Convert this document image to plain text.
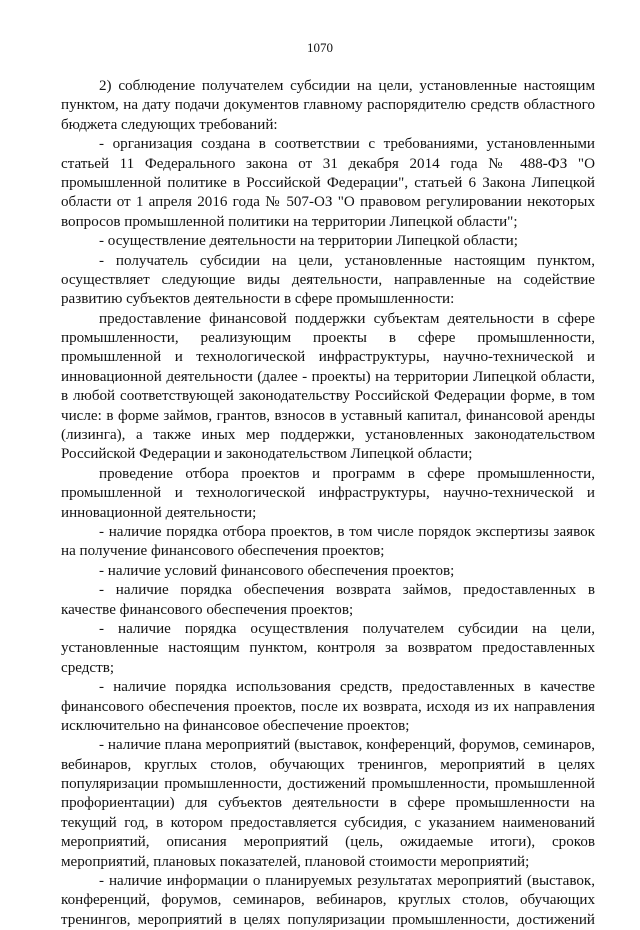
1070
2) соблюдение получателем субсидии на цели, установленные настоящим
пунктом, на дату подачи документов главному распорядителю средств областного
бюджета следующих требований:
- организация создана в соответствии с требованиями, установленными
статьей 11 Федерального закона от 31 декабря 2014 года № 488-ФЗ "О
промышленной политике в Российской Федерации", статьей 6 Закона Липецкой
области от 1 апреля 2016 года № 507-ОЗ "О правовом регулировании некоторых
вопросов промышленной политики на территории Липецкой области";
- осуществление деятельности на территории Липецкой области;
- получатель субсидии на цели, установленные настоящим пунктом,
осуществляет следующие виды деятельности, направленные на содействие
развитию субъектов деятельности в сфере промышленности:
предоставление финансовой поддержки субъектам деятельности в сфере
промышленности, реализующим проекты в сфере промышленности,
промышленной и технологической инфраструктуры, научно-технической и
инновационной деятельности (далее - проекты) на территории Липецкой области,
в любой соответствующей законодательству Российской Федерации форме, в том
числе: в форме займов, грантов, взносов в уставный капитал, финансовой аренды
(лизинга), а также иных мер поддержки, установленных законодательством
Российской Федерации и законодательством Липецкой области;
проведение отбора проектов и программ в сфере промышленности,
промышленной и технологической инфраструктуры, научно-технической и
инновационной деятельности;
- наличие порядка отбора проектов, в том числе порядок экспертизы заявок
на получение финансового обеспечения проектов;
- наличие условий финансового обеспечения проектов;
- наличие порядка обеспечения возврата займов, предоставленных в
качестве финансового обеспечения проектов;
- наличие порядка осуществления получателем субсидии на цели,
установленные настоящим пунктом, контроля за возвратом предоставленных
средств;
- наличие порядка использования средств, предоставленных в качестве
финансового обеспечения проектов, после их возврата, исходя из их направления
исключительно на финансовое обеспечение проектов;
- наличие плана мероприятий (выставок, конференций, форумов, семинаров,
вебинаров, круглых столов, обучающих тренингов, мероприятий в целях
популяризации промышленности, достижений промышленности, промышленной
профориентации) для субъектов деятельности в сфере промышленности на
текущий год, в котором предоставляется субсидия, с указанием наименований
мероприятий, описания мероприятий (цель, ожидаемые итоги), сроков
мероприятий, плановых показателей, плановой стоимости мероприятий;
- наличие информации о планируемых результатах мероприятий (выставок,
конференций, форумов, семинаров, вебинаров, круглых столов, обучающих
тренингов, мероприятий в целях популяризации промышленности, достижений
